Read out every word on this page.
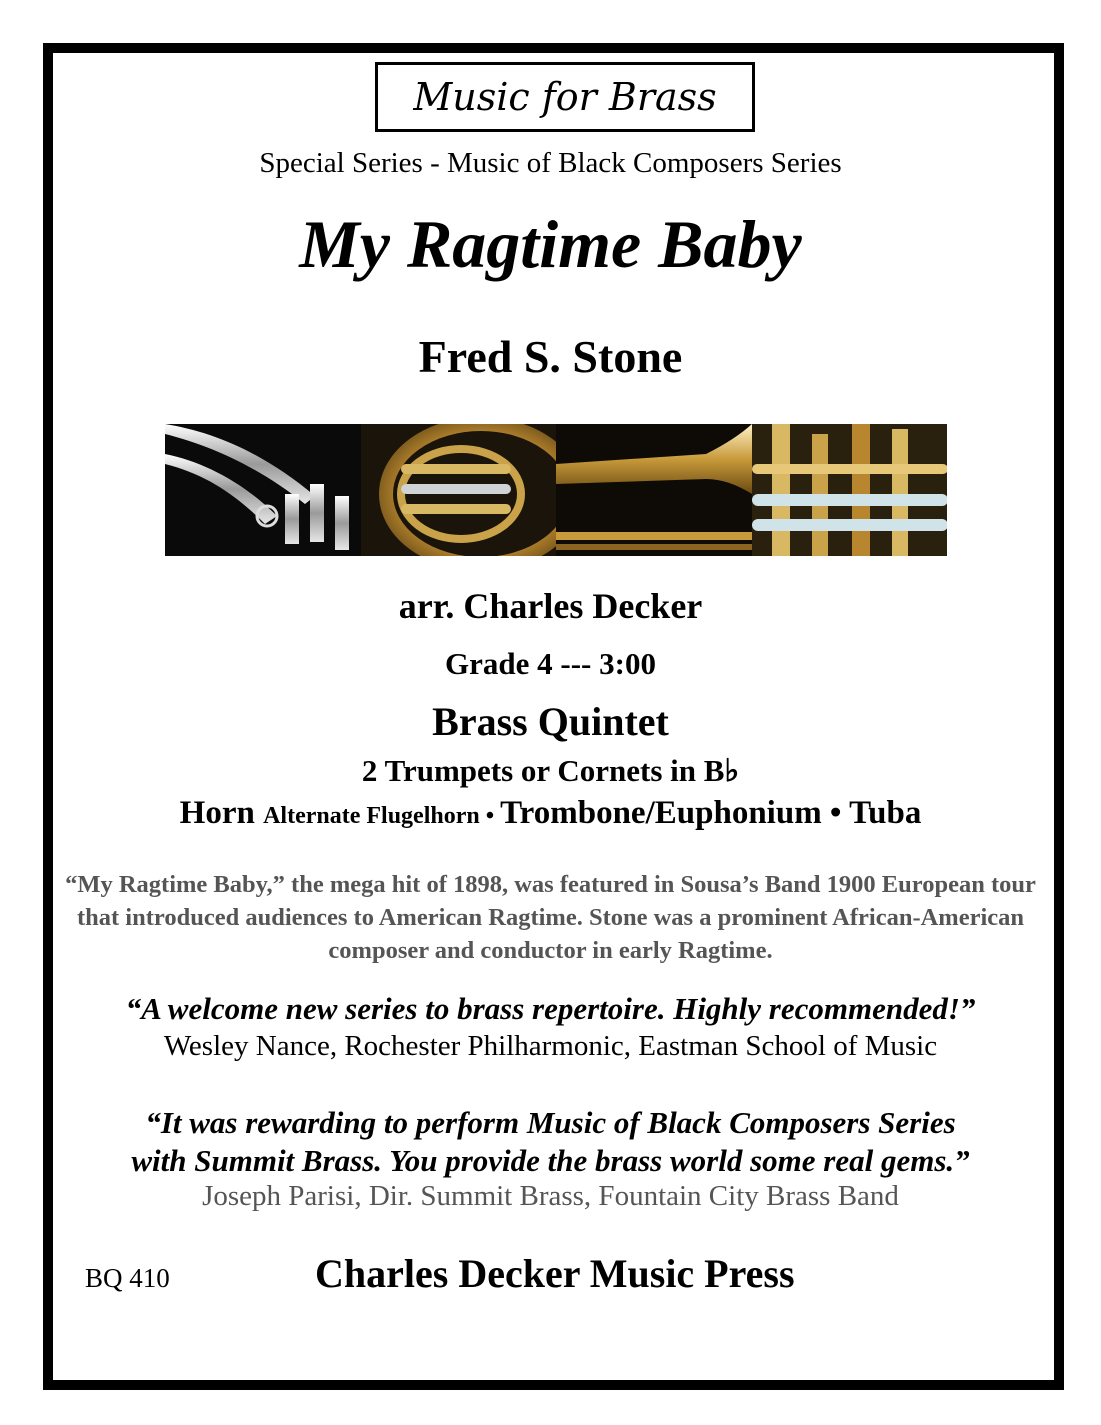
Music for Brass

Special Series - Music of Black Composers Series

My Ragtime Baby

Fred S. Stone

arr. Charles Decker

Grade 4 --- 3:00

Brass Quintet

2 Trumpets or Cornets in B♭

Horn Alternate Flugelhorn • Trombone/Euphonium • Tuba

“My Ragtime Baby,” the mega hit of 1898, was featured in Sousa’s Band 1900 European tour that introduced audiences to American Ragtime. Stone was a prominent African-American composer and conductor in early Ragtime.

“A welcome new series to brass repertoire. Highly recommended!”

Wesley Nance, Rochester Philharmonic, Eastman School of Music

“It was rewarding to perform Music of Black Composers Series
with Summit Brass. You provide the brass world some real gems.”

Joseph Parisi, Dir. Summit Brass, Fountain City Brass Band

BQ 410	Charles Decker Music Press
